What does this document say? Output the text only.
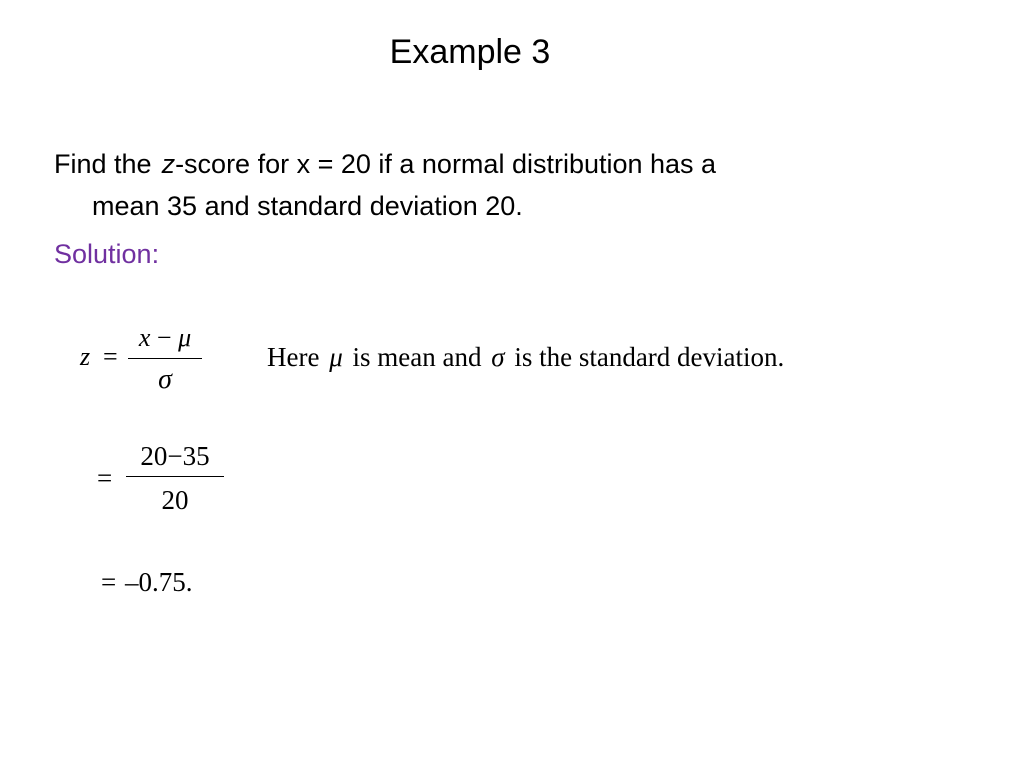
Example 3
Find the z-score for x = 20 if a normal distribution has a
mean 35 and standard deviation 20.
Solution:
z =
x − μ
σ
Here μ is mean and σ is the standard deviation.
=
20−35
20
= –0.75.
